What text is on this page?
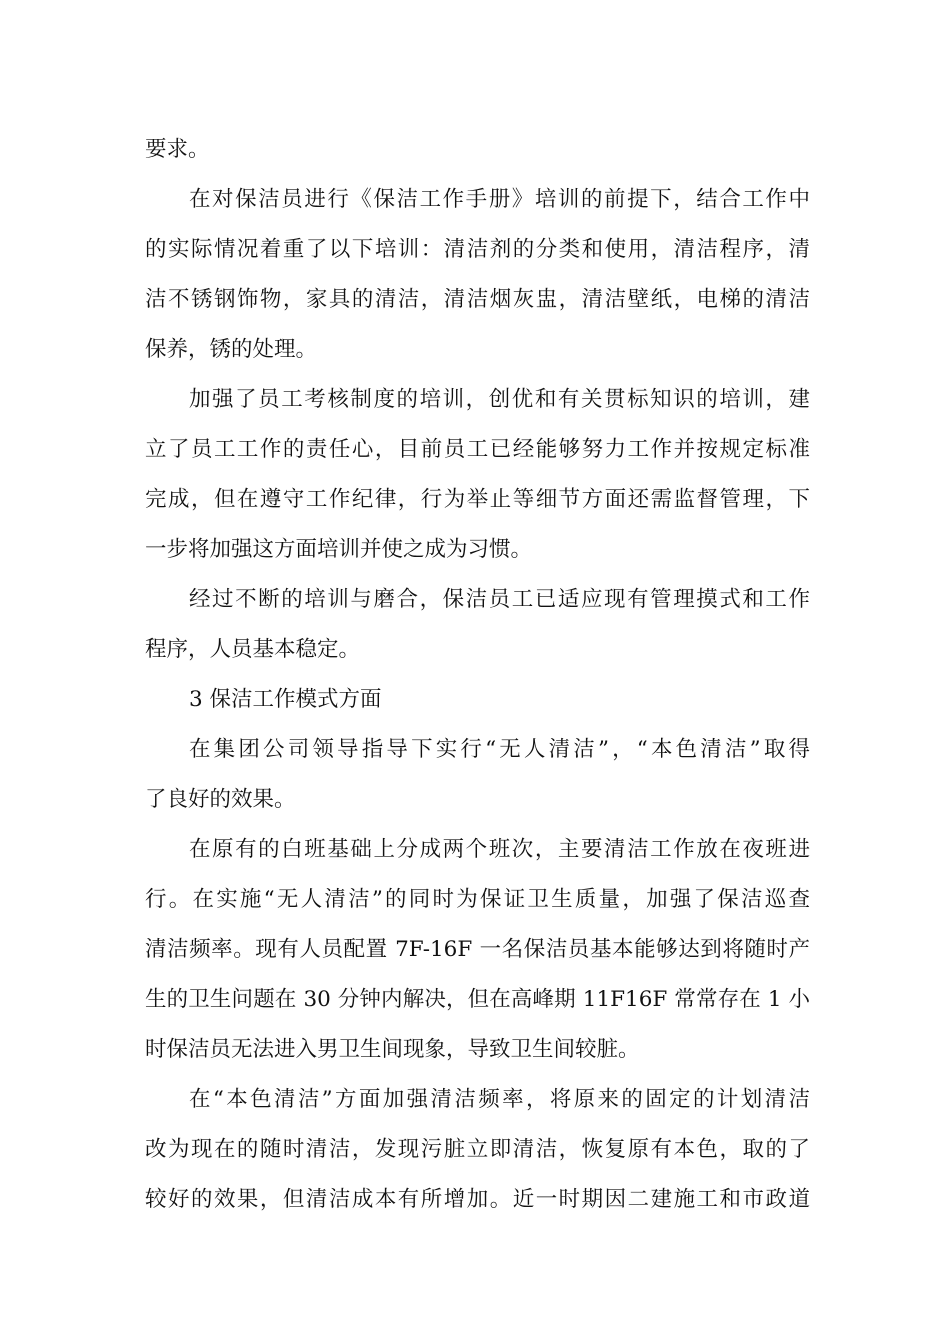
要求。
在对保洁员进行《保洁工作手册》培训的前提下，结合工作中
的实际情况着重了以下培训：清洁剂的分类和使用，清洁程序，清
洁不锈钢饰物，家具的清洁，清洁烟灰盅，清洁壁纸，电梯的清洁
保养，锈的处理。
加强了员工考核制度的培训，创优和有关贯标知识的培训，建
立了员工工作的责任心，目前员工已经能够努力工作并按规定标准
完成，但在遵守工作纪律，行为举止等细节方面还需监督管理，下
一步将加强这方面培训并使之成为习惯。
经过不断的培训与磨合，保洁员工已适应现有管理摸式和工作
程序，人员基本稳定。
3 保洁工作模式方面
在集团公司领导指导下实行“无人清洁”，“本色清洁”取得
了良好的效果。
在原有的白班基础上分成两个班次，主要清洁工作放在夜班进
行。在实施“无人清洁”的同时为保证卫生质量，加强了保洁巡查
清洁频率。现有人员配置 7F-16F 一名保洁员基本能够达到将随时产
生的卫生问题在 30 分钟内解决，但在高峰期 11F16F 常常存在 1 小
时保洁员无法进入男卫生间现象，导致卫生间较脏。
在“本色清洁”方面加强清洁频率，将原来的固定的计划清洁
改为现在的随时清洁，发现污脏立即清洁，恢复原有本色，取的了
较好的效果，但清洁成本有所增加。近一时期因二建施工和市政道
